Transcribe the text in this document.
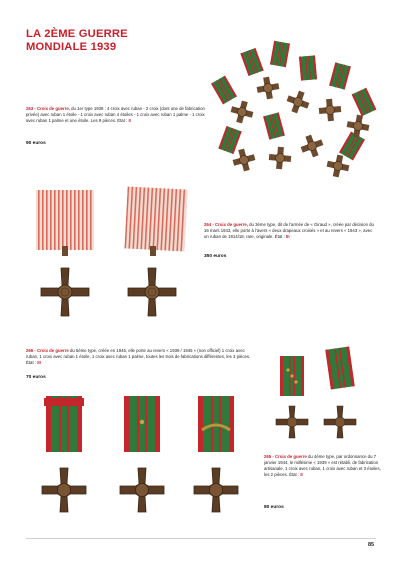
LA 2ÈME GUERRE
MONDIALE 1939
263 - Croix de guerre, du 1er type 1939 : 4 croix avec ruban - 2 croix (dont une de fabrication privée) avec ruban 1 étoile - 1 croix avec ruban 4 étoiles - 1 croix avec ruban 1 palme - 1 croix avec ruban 1 palme et une étoile. Les 9 pièces. État : II
90 euros
264 - Croix de guerre, du 3ème type, dit de l'armée de « Giraud », créée par décision du 16 mars 1943, elle porte à l'avers « deux drapeaux croisés » et au revers « 1943 », avec un ruban de 1914/18, rare, originale. État : III
350 euros
266 - Croix de guerre du 5ème type, créée en 1945, elle porte au revers « 1939 / 1945 » (non officiel) 1 croix avec ruban, 1 croix avec ruban 1 étoile, 1 croix avec ruban 1 palme, toutes les trois de fabrications différentes, les 3 pièces. État : III
70 euros
265 - Croix de guerre du 4ème type, par ordonnance du 7 janvier 1944, le millésime « 1939 » est rétabli, de fabrication artisanale, 1 croix avec ruban, 1 croix avec ruban et 3 étoiles, les 2 pièces. État : II
80 euros
85
